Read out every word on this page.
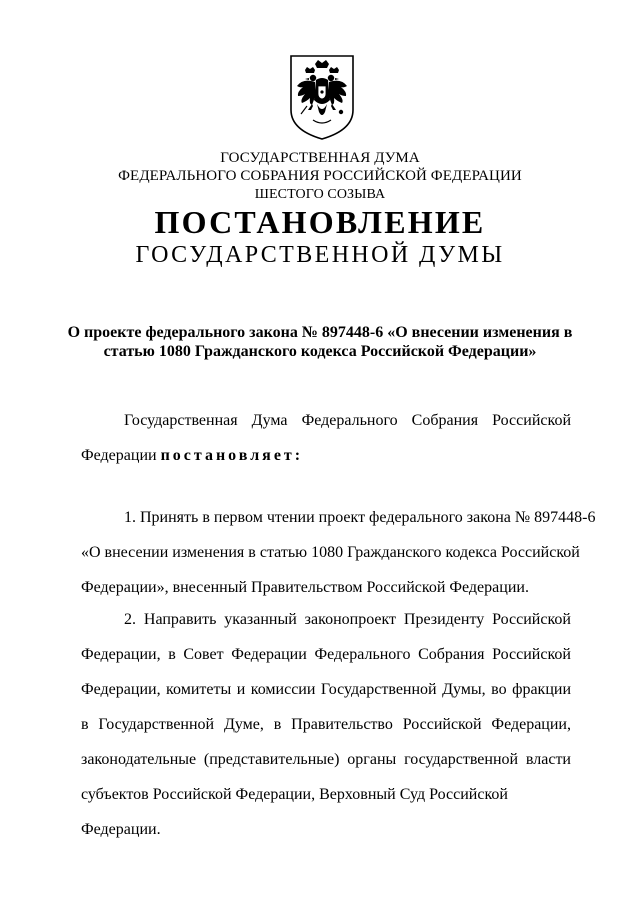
ГОСУДАРСТВЕННАЯ ДУМА
ФЕДЕРАЛЬНОГО СОБРАНИЯ РОССИЙСКОЙ ФЕДЕРАЦИИ
ШЕСТОГО СОЗЫВА
ПОСТАНОВЛЕНИЕ
ГОСУДАРСТВЕННОЙ ДУМЫ
О проекте федерального закона № 897448-6 «О внесении изменения в
статью 1080 Гражданского кодекса Российской Федерации»
Государственная Дума Федерального Собрания Российской
Федерации постановляет:
1. Принять в первом чтении проект федерального закона № 897448-6
«О внесении изменения в статью 1080 Гражданского кодекса Российской
Федерации», внесенный Правительством Российской Федерации.
2. Направить указанный законопроект Президенту Российской
Федерации, в Совет Федерации Федерального Собрания Российской
Федерации, комитеты и комиссии Государственной Думы, во фракции
в Государственной Думе, в Правительство Российской Федерации,
законодательные (представительные) органы государственной власти
субъектов Российской Федерации, Верховный Суд Российской Федерации.
